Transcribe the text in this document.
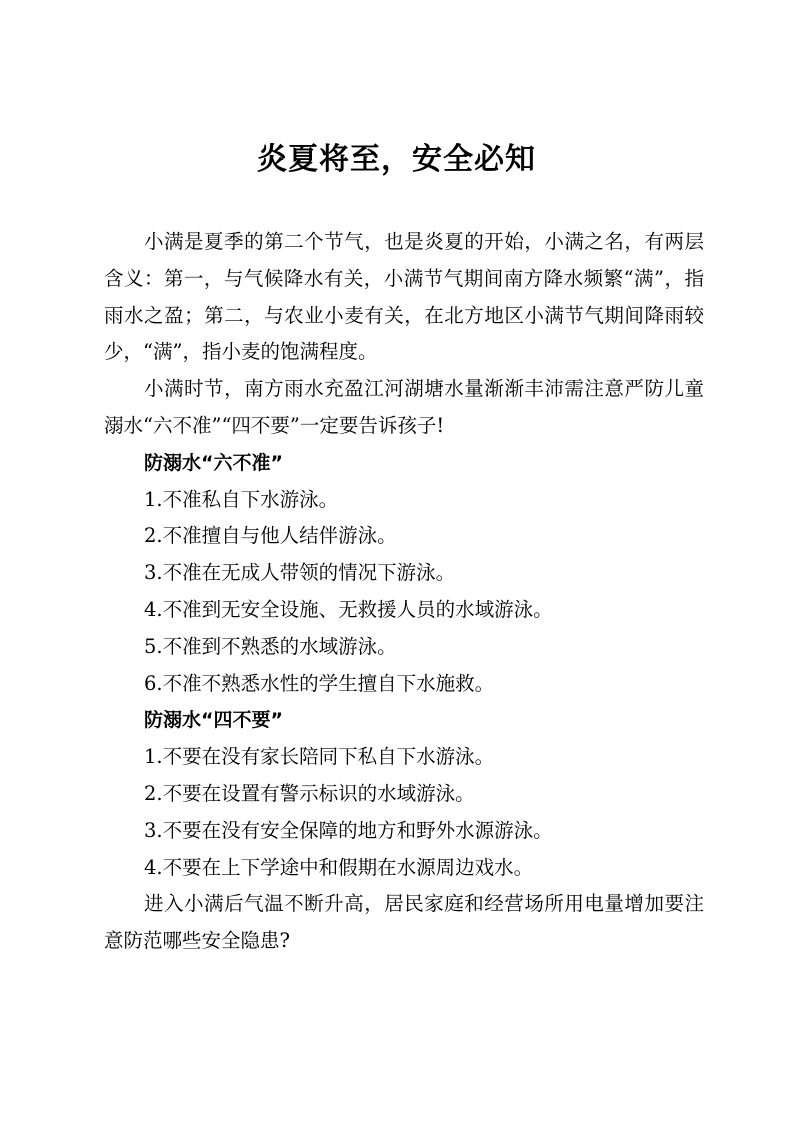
炎夏将至，安全必知

小满是夏季的第二个节气，也是炎夏的开始，小满之名，有两层含义：第一，与气候降水有关，小满节气期间南方降水频繁“满”，指雨水之盈；第二，与农业小麦有关，在北方地区小满节气期间降雨较少，“满”，指小麦的饱满程度。

小满时节，南方雨水充盈江河湖塘水量渐渐丰沛需注意严防儿童溺水“六不准”“四不要”一定要告诉孩子!

防溺水“六不准”

1.不准私自下水游泳。

2.不准擅自与他人结伴游泳。

3.不准在无成人带领的情况下游泳。

4.不准到无安全设施、无救援人员的水域游泳。

5.不准到不熟悉的水域游泳。

6.不准不熟悉水性的学生擅自下水施救。

防溺水“四不要”

1.不要在没有家长陪同下私自下水游泳。

2.不要在设置有警示标识的水域游泳。

3.不要在没有安全保障的地方和野外水源游泳。

4.不要在上下学途中和假期在水源周边戏水。

进入小满后气温不断升高，居民家庭和经营场所用电量增加要注意防范哪些安全隐患?
